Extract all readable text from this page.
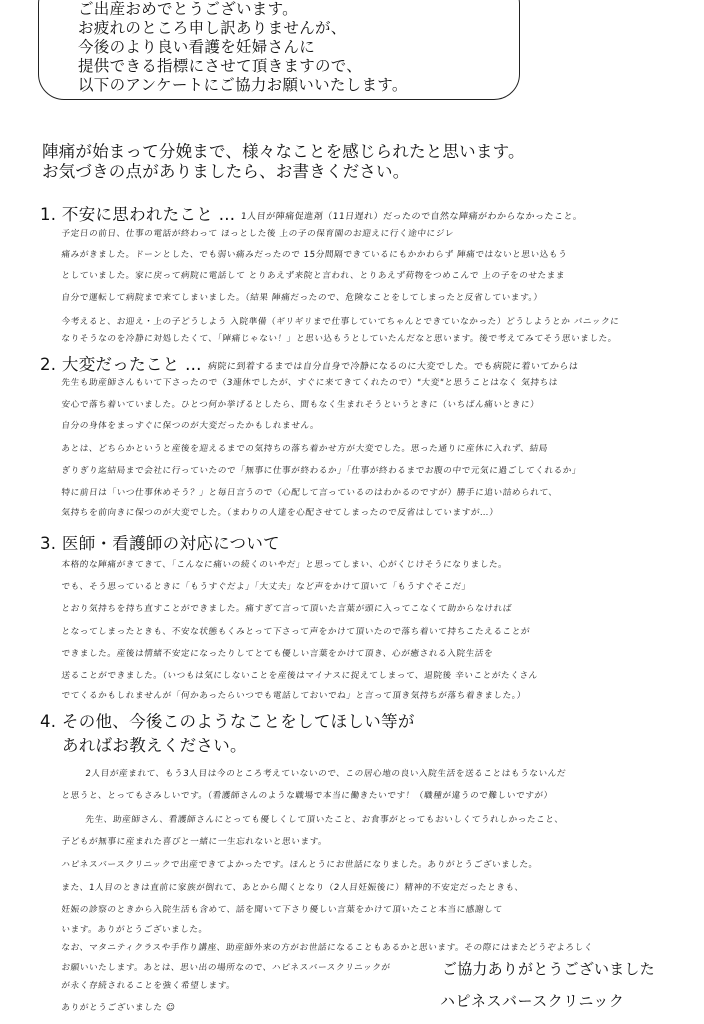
ご出産おめでとうございます。
お疲れのところ申し訳ありませんが、
今後のより良い看護を妊婦さんに
提供できる指標にさせて頂きますので、
以下のアンケートにご協力お願いいたします。
陣痛が始まって分娩まで、様々なことを感じられたと思います。
お気づきの点がありましたら、お書きください。
1. 不安に思われたこと … 1人目が陣痛促進剤（11日遅れ）だったので自然な陣痛がわからなかったこと。
予定日の前日、仕事の電話が終わって ほっとした後 上の子の保育園のお迎えに行く途中にジレ
痛みがきました。ドーンとした、でも弱い痛みだったので 15分間隔できているにもかかわらず 陣痛ではないと思い込もう
としていました。家に戻って病院に電話して とりあえず来院と言われ、とりあえず荷物をつめこんで 上の子をのせたまま
自分で運転して病院まで来てしまいました。（結果 陣痛だったので、危険なことをしてしまったと反省しています。）
今考えると、お迎え・上の子どうしよう 入院準備（ギリギリまで仕事していてちゃんとできていなかった）どうしようとか パニックに
なりそうなのを冷静に対処したくて、「陣痛じゃない！」と思い込もうとしていたんだなと思います。後で考えてみてそう思いました。
2. 大変だったこと … 病院に到着するまでは自分自身で冷静になるのに大変でした。でも病院に着いてからは
先生も助産師さんもいて下さったので（3連休でしたが、すぐに来てきてくれたので）"大変"と思うことはなく 気持ちは
安心で落ち着いていました。ひとつ何か挙げるとしたら、間もなく生まれそうというときに（いちばん痛いときに）
自分の身体をまっすぐに保つのが大変だったかもしれません。
あとは、どちらかというと産後を迎えるまでの気持ちの落ち着かせ方が大変でした。思った通りに産休に入れず、結局
ぎりぎり迄結局まで会社に行っていたので「無事に仕事が終わるか」「仕事が終わるまでお腹の中で元気に過ごしてくれるか」
特に前日は「いつ仕事休めそう？」と毎日言うので（心配して言っているのはわかるのですが）勝手に追い詰められて、
気持ちを前向きに保つのが大変でした。（まわりの人達を心配させてしまったので反省はしていますが…）
3. 医師・看護師の対応について
本格的な陣痛がきてきて、「こんなに痛いの続くのいやだ」と思ってしまい、心がくじけそうになりました。
でも、そう思っているときに「もうすぐだよ」「大丈夫」など声をかけて頂いて「もうすぐそこだ」
とおり気持ちを持ち直すことができました。痛すぎて言って頂いた言葉が頭に入ってこなくて助からなければ
となってしまったときも、不安な状態もくみとって下さって声をかけて頂いたので落ち着いて持ちこたえることが
できました。産後は情緒不安定になったりしてとても優しい言葉をかけて頂き、心が癒される入院生活を
送ることができました。（いつもは気にしないことを産後はマイナスに捉えてしまって、退院後 辛いことがたくさん
でてくるかもしれませんが「何かあったらいつでも電話しておいでね」と言って頂き気持ちが落ち着きました。）
4. その他、今後このようなことをしてほしい等が
あればお教えください。
2人目が産まれて、もう3人目は今のところ考えていないので、この居心地の良い入院生活を送ることはもうないんだ
と思うと、とってもさみしいです。（看護師さんのような職場で本当に働きたいです！（職種が違うので難しいですが）
先生、助産師さん、看護師さんにとっても優しくして頂いたこと、お食事がとってもおいしくてうれしかったこと、
子どもが無事に産まれた喜びと一緒に一生忘れないと思います。
ハピネスバースクリニックで出産できてよかったです。ほんとうにお世話になりました。ありがとうございました。
また、1人目のときは直前に家族が倒れて、あとから聞くとなり（2人目妊娠後に）精神的不安定だったときも、
妊娠の診察のときから入院生活も含めて、話を聞いて下さり優しい言葉をかけて頂いたこと本当に感謝して
います。ありがとうございました。
なお、マタニティクラスや手作り講座、助産師外来の方がお世話になることもあるかと思います。その際にはまたどうぞよろしく
お願いいたします。あとは、思い出の場所なので、ハピネスバースクリニックが
が永く存続されることを強く希望します。
ありがとうございました ☺
ご協力ありがとうございました
ハピネスバースクリニック
